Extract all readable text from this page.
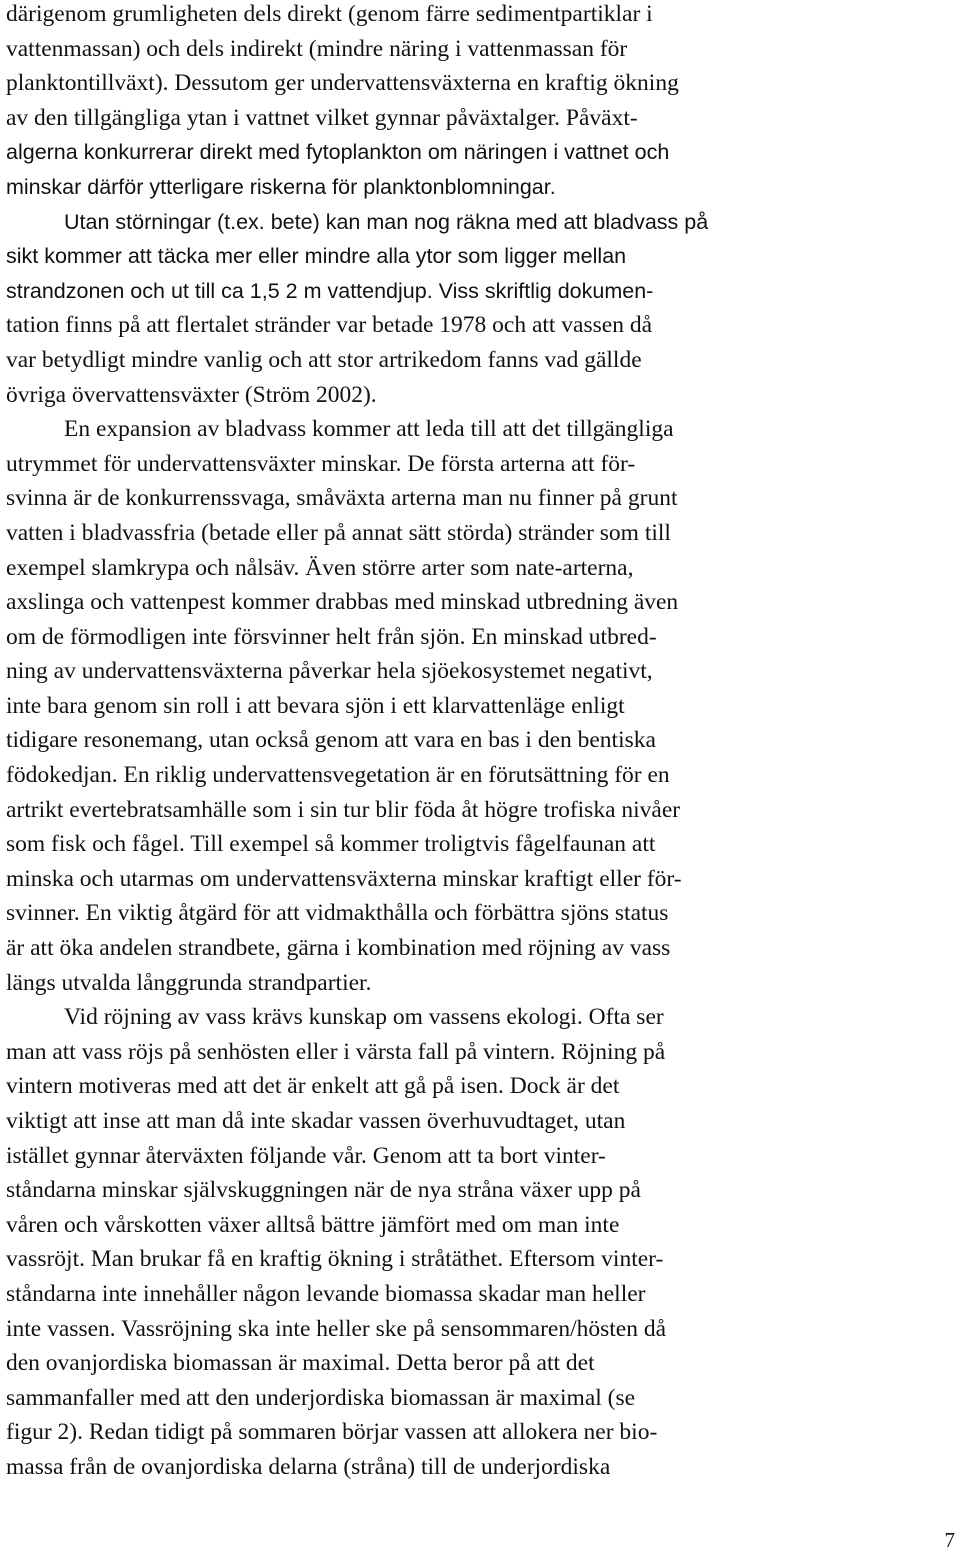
därigenom grumligheten dels direkt (genom färre sedimentpartiklar i
vattenmassan) och dels indirekt (mindre näring i vattenmassan för
planktontillväxt). Dessutom ger undervattensväxterna en kraftig ökning
av den tillgängliga ytan i vattnet vilket gynnar påväxtalger. Påväxt-
algerna konkurrerar direkt med fytoplankton om näringen i vattnet och
minskar därför ytterligare riskerna för planktonblomningar.
Utan störningar (t.ex. bete) kan man nog räkna med att bladvass på
sikt kommer att täcka mer eller mindre alla ytor som ligger mellan
strandzonen och ut till ca 1,5 2 m vattendjup. Viss skriftlig dokumen-
tation finns på att flertalet stränder var betade 1978 och att vassen då
var betydligt mindre vanlig och att stor artrikedom fanns vad gällde
övriga övervattensväxter (Ström 2002).
En expansion av bladvass kommer att leda till att det tillgängliga
utrymmet för undervattensväxter minskar. De första arterna att för-
svinna är de konkurrenssvaga, småväxta arterna man nu finner på grunt
vatten i bladvassfria (betade eller på annat sätt störda) stränder som till
exempel slamkrypa och nålsäv. Även större arter som nate-arterna,
axslinga och vattenpest kommer drabbas med minskad utbredning även
om de förmodligen inte försvinner helt från sjön. En minskad utbred-
ning av undervattensväxterna påverkar hela sjöekosystemet negativt,
inte bara genom sin roll i att bevara sjön i ett klarvattenläge enligt
tidigare resonemang, utan också genom att vara en bas i den bentiska
födokedjan. En riklig undervattensvegetation är en förutsättning för en
artrikt evertebratsamhälle som i sin tur blir föda åt högre trofiska nivåer
som fisk och fågel. Till exempel så kommer troligtvis fågelfaunan att
minska och utarmas om undervattensväxterna minskar kraftigt eller för-
svinner. En viktig åtgärd för att vidmakthålla och förbättra sjöns status
är att öka andelen strandbete, gärna i kombination med röjning av vass
längs utvalda långgrunda strandpartier.
Vid röjning av vass krävs kunskap om vassens ekologi. Ofta ser
man att vass röjs på senhösten eller i värsta fall på vintern. Röjning på
vintern motiveras med att det är enkelt att gå på isen. Dock är det
viktigt att inse att man då inte skadar vassen överhuvudtaget, utan
istället gynnar återväxten följande vår. Genom att ta bort vinter-
ståndarna minskar självskuggningen när de nya stråna växer upp på
våren och vårskotten växer alltså bättre jämfört med om man inte
vassröjt. Man brukar få en kraftig ökning i stråtäthet. Eftersom vinter-
ståndarna inte innehåller någon levande biomassa skadar man heller
inte vassen. Vassröjning ska inte heller ske på sensommaren/hösten då
den ovanjordiska biomassan är maximal. Detta beror på att det
sammanfaller med att den underjordiska biomassan är maximal (se
figur 2). Redan tidigt på sommaren börjar vassen att allokera ner bio-
massa från de ovanjordiska delarna (stråna) till de underjordiska
7
